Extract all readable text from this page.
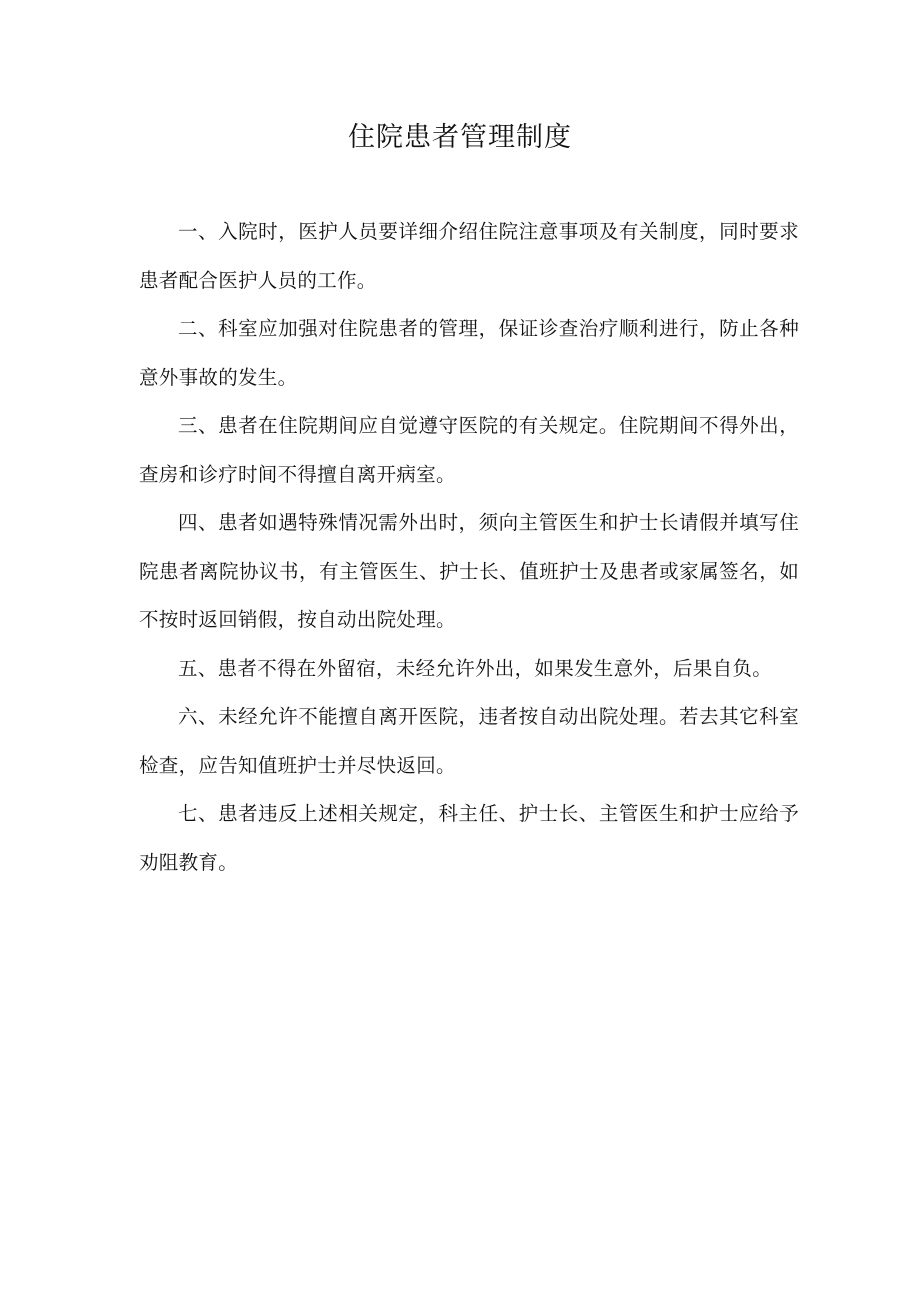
住院患者管理制度

一、入院时，医护人员要详细介绍住院注意事项及有关制度，同时要求患者配合医护人员的工作。

二、科室应加强对住院患者的管理，保证诊查治疗顺利进行，防止各种意外事故的发生。

三、患者在住院期间应自觉遵守医院的有关规定。住院期间不得外出，查房和诊疗时间不得擅自离开病室。

四、患者如遇特殊情况需外出时，须向主管医生和护士长请假并填写住院患者离院协议书，有主管医生、护士长、值班护士及患者或家属签名，如不按时返回销假，按自动出院处理。

五、患者不得在外留宿，未经允许外出，如果发生意外，后果自负。

六、未经允许不能擅自离开医院，违者按自动出院处理。若去其它科室检查，应告知值班护士并尽快返回。

七、患者违反上述相关规定，科主任、护士长、主管医生和护士应给予劝阻教育。
